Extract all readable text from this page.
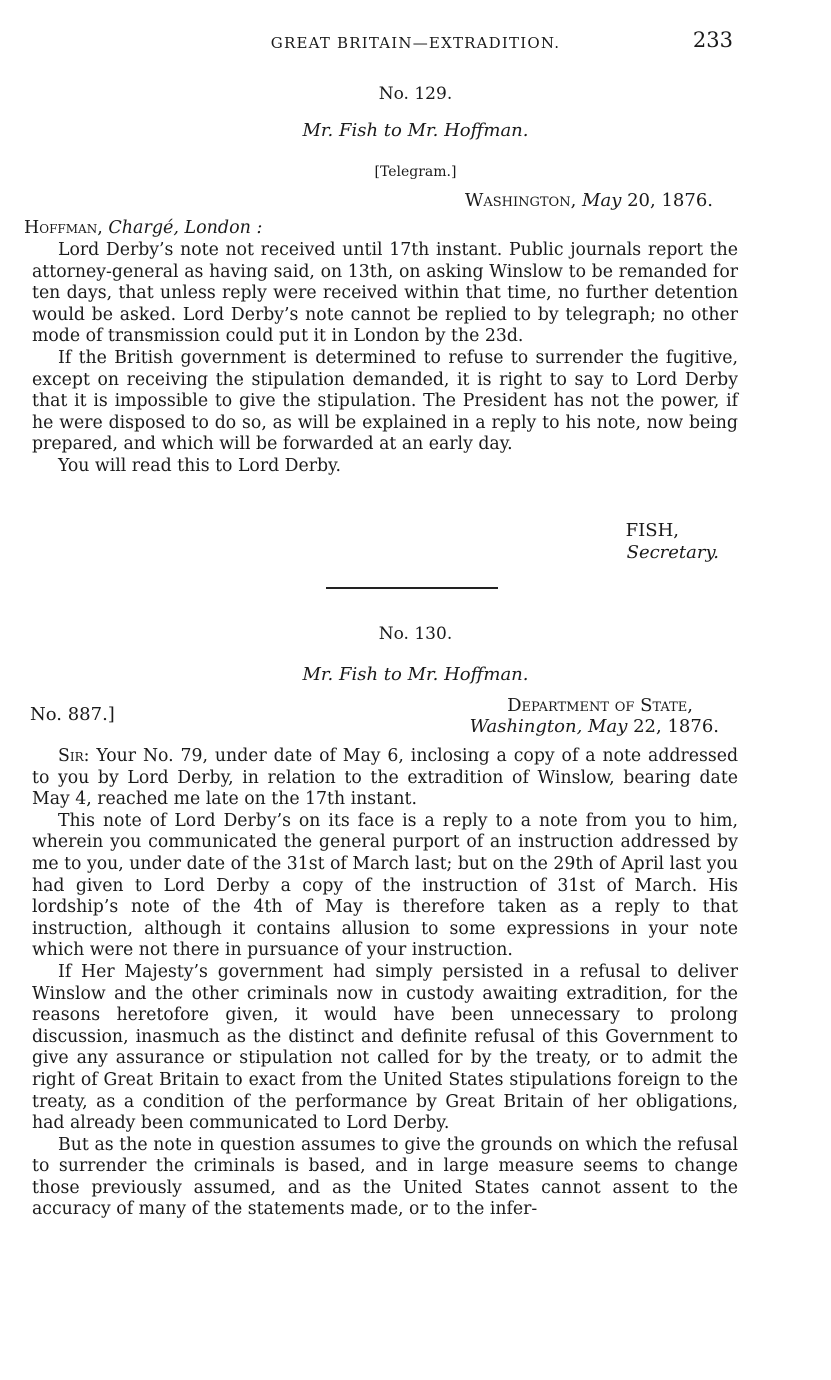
GREAT BRITAIN—EXTRADITION.	233
No. 129.
Mr. Fish to Mr. Hoffman.
[Telegram.]
Washington, May 20, 1876.
Hoffman, Chargé, London :

Lord Derby’s note not received until 17th instant. Public journals report the attorney-general as having said, on 13th, on asking Winslow to be remanded for ten days, that unless reply were received within that time, no further detention would be asked. Lord Derby’s note cannot be replied to by telegraph; no other mode of transmission could put it in London by the 23d.

If the British government is determined to refuse to surrender the fugitive, except on receiving the stipulation demanded, it is right to say to Lord Derby that it is impossible to give the stipulation. The President has not the power, if he were disposed to do so, as will be explained in a reply to his note, now being prepared, and which will be forwarded at an early day.

You will read this to Lord Derby.

FISH,
Secretary.
No. 130.
Mr. Fish to Mr. Hoffman.
No. 887.]	Department of State,
Washington, May 22, 1876.

Sir: Your No. 79, under date of May 6, inclosing a copy of a note addressed to you by Lord Derby, in relation to the extradition of Winslow, bearing date May 4, reached me late on the 17th instant.

This note of Lord Derby’s on its face is a reply to a note from you to him, wherein you communicated the general purport of an instruction addressed by me to you, under date of the 31st of March last; but on the 29th of April last you had given to Lord Derby a copy of the instruction of 31st of March. His lordship’s note of the 4th of May is therefore taken as a reply to that instruction, although it contains allusion to some expressions in your note which were not there in pursuance of your instruction.

If Her Majesty’s government had simply persisted in a refusal to deliver Winslow and the other criminals now in custody awaiting extradition, for the reasons heretofore given, it would have been unnecessary to prolong discussion, inasmuch as the distinct and definite refusal of this Government to give any assurance or stipulation not called for by the treaty, or to admit the right of Great Britain to exact from the United States stipulations foreign to the treaty, as a condition of the performance by Great Britain of her obligations, had already been communicated to Lord Derby.

But as the note in question assumes to give the grounds on which the refusal to surrender the criminals is based, and in large measure seems to change those previously assumed, and as the United States cannot assent to the accuracy of many of the statements made, or to the infer-
